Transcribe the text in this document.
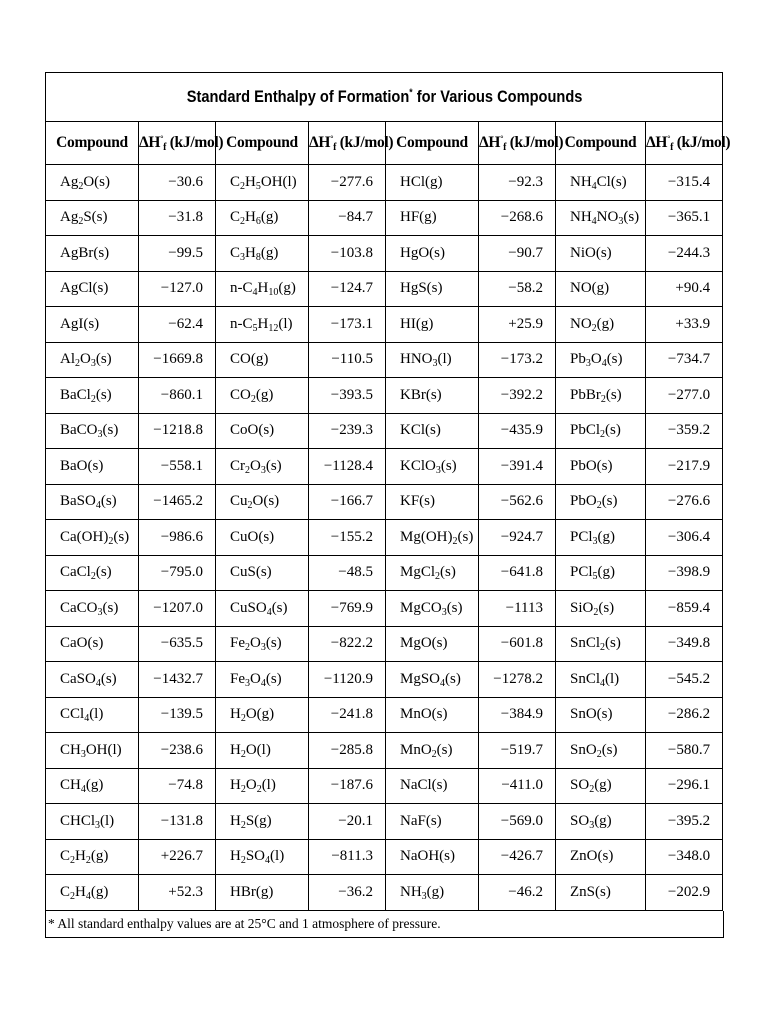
Standard Enthalpy of Formation* for Various Compounds							
Compound	$\Delta H^\circ_f$ (kJ/mol)	Compound	$\Delta H^\circ_f$ (kJ/mol)	Compound	$\Delta H^\circ_f$ (kJ/mol)	Compound	$\Delta H^\circ_f$ (kJ/mol)
$Ag_2O(s)$	−30.6	$C_2H_5OH(l)$	−277.6	HCl(g)	−92.3	$NH_4Cl(s)$	−315.4
$Ag_2S(s)$	−31.8	$C_2H_6(g)$	−84.7	HF(g)	−268.6	$NH_4NO_3(s)$	−365.1
AgBr(s)	−99.5	$C_3H_8(g)$	−103.8	HgO(s)	−90.7	NiO(s)	−244.3
AgCl(s)	−127.0	$n-C_4H_{10}(g)$	−124.7	HgS(s)	−58.2	NO(g)	+90.4
AgI(s)	−62.4	$n-C_5H_{12}(l)$	−173.1	HI(g)	+25.9	$NO_2(g)$	+33.9
$Al_2O_3(s)$	−1669.8	CO(g)	−110.5	$HNO_3(l)$	−173.2	$Pb_3O_4(s)$	−734.7
BaCl$_2$(s)	−860.1	$CO_2(g)$	−393.5	KBr(s)	−392.2	PbBr$_2$(s)	−277.0
BaCO$_3$(s)	−1218.8	CoO(s)	−239.3	KCl(s)	−435.9	PbCl$_2$(s)	−359.2
BaO(s)	−558.1	$Cr_2O_3(s)$	−1128.4	KClO$_3$(s)	−391.4	PbO(s)	−217.9
BaSO$_4$(s)	−1465.2	$Cu_2O(s)$	−166.7	KF(s)	−562.6	PbO$_2$(s)	−276.6
$Ca(OH)_2(s)$	−986.6	CuO(s)	−155.2	$Mg(OH)_2(s)$	−924.7	PCl$_3$(g)	−306.4
CaCl$_2$(s)	−795.0	CuS(s)	−48.5	MgCl$_2$(s)	−641.8	PCl$_5$(g)	−398.9
CaCO$_3$(s)	−1207.0	CuSO$_4$(s)	−769.9	MgCO$_3$(s)	−1113	SiO$_2$(s)	−859.4
CaO(s)	−635.5	$Fe_2O_3(s)$	−822.2	MgO(s)	−601.8	SnCl$_2$(s)	−349.8
CaSO$_4$(s)	−1432.7	$Fe_3O_4(s)$	−1120.9	MgSO$_4$(s)	−1278.2	SnCl$_4$(l)	−545.2
CCl$_4$(l)	−139.5	$H_2O(g)$	−241.8	MnO(s)	−384.9	SnO(s)	−286.2
$CH_3OH(l)$	−238.6	$H_2O(l)$	−285.8	MnO$_2$(s)	−519.7	SnO$_2$(s)	−580.7
$CH_4(g)$	−74.8	$H_2O_2(l)$	−187.6	NaCl(s)	−411.0	$SO_2(g)$	−296.1
CHCl$_3$(l)	−131.8	$H_2S(g)$	−20.1	NaF(s)	−569.0	$SO_3(g)$	−395.2
$C_2H_2(g)$	+226.7	$H_2SO_4(l)$	−811.3	NaOH(s)	−426.7	ZnO(s)	−348.0
$C_2H_4(g)$	+52.3	HBr(g)	−36.2	$NH_3(g)$	−46.2	ZnS(s)	−202.9
* All standard enthalpy values are at 25°C and 1 atmosphere of pressure.
